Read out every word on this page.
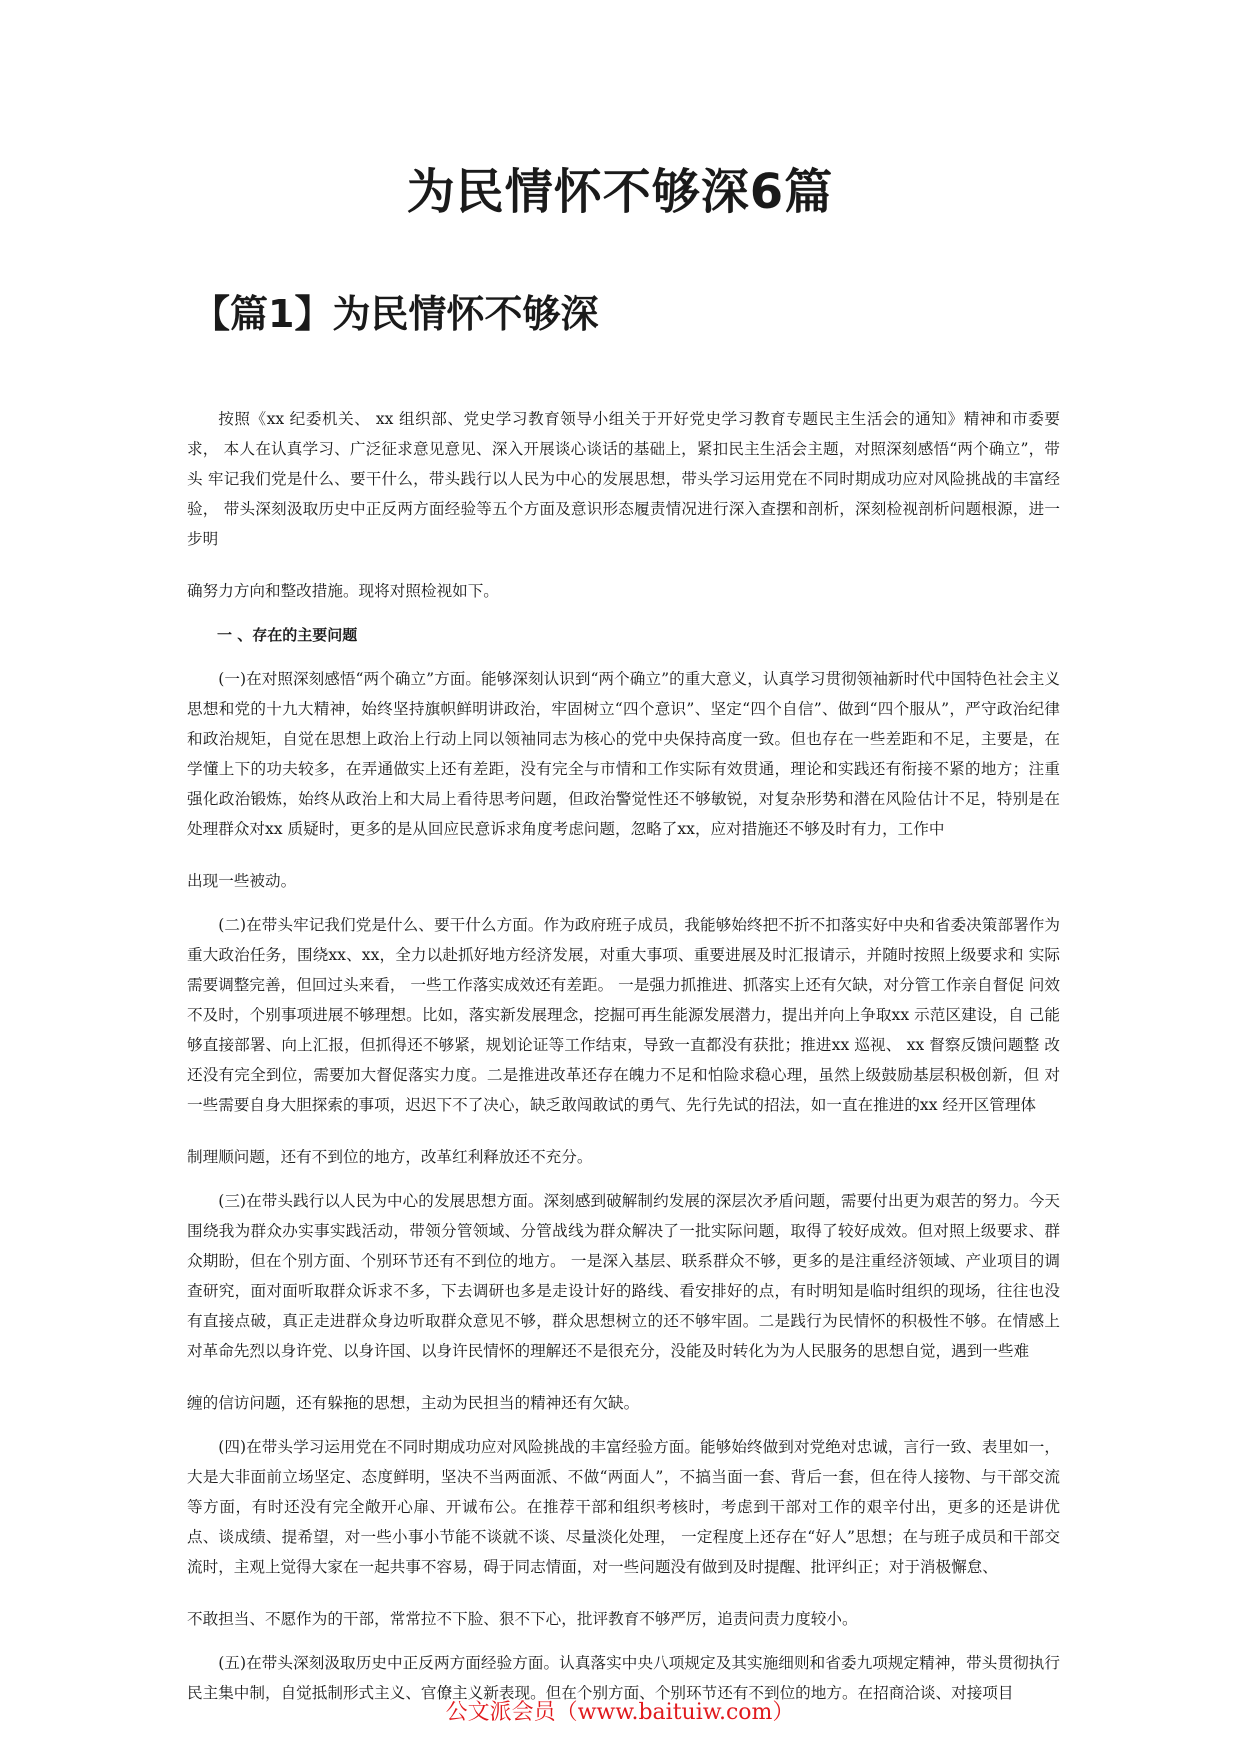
为民情怀不够深6篇
【篇1】为民情怀不够深

按照《xx 纪委机关、 xx 组织部、党史学习教育领导小组关于开好党史学习教育专题民主生活会的通知》精神和市委要求， 本人在认真学习、广泛征求意见意见、深入开展谈心谈话的基础上，紧扣民主生活会主题，对照深刻感悟“两个确立”，带头 牢记我们党是什么、要干什么，带头践行以人民为中心的发展思想，带头学习运用党在不同时期成功应对风险挑战的丰富经验， 带头深刻汲取历史中正反两方面经验等五个方面及意识形态履责情况进行深入查摆和剖析，深刻检视剖析问题根源，进一步明

确努力方向和整改措施。现将对照检视如下。

一 、存在的主要问题

(一)在对照深刻感悟“两个确立”方面。能够深刻认识到“两个确立”的重大意义，认真学习贯彻领袖新时代中国特色社会主义思想和党的十九大精神，始终坚持旗帜鲜明讲政治，牢固树立“四个意识”、坚定“四个自信”、做到“四个服从”，严守政治纪律和政治规矩，自觉在思想上政治上行动上同以领袖同志为核心的党中央保持高度一致。但也存在一些差距和不足，主要是，在学懂上下的功夫较多，在弄通做实上还有差距，没有完全与市情和工作实际有效贯通，理论和实践还有衔接不紧的地方；注重强化政治锻炼，始终从政治上和大局上看待思考问题，但政治警觉性还不够敏锐，对复杂形势和潜在风险估计不足，特别是在处理群众对xx 质疑时，更多的是从回应民意诉求角度考虑问题，忽略了xx，应对措施还不够及时有力，工作中

出现一些被动。

(二)在带头牢记我们党是什么、要干什么方面。作为政府班子成员，我能够始终把不折不扣落实好中央和省委决策部署作为重大政治任务，围绕xx、xx，全力以赴抓好地方经济发展，对重大事项、重要进展及时汇报请示，并随时按照上级要求和 实际需要调整完善，但回过头来看， 一些工作落实成效还有差距。 一是强力抓推进、抓落实上还有欠缺，对分管工作亲自督促 问效不及时，个别事项进展不够理想。比如，落实新发展理念，挖掘可再生能源发展潜力，提出并向上争取xx 示范区建设，自 己能够直接部署、向上汇报，但抓得还不够紧，规划论证等工作结束，导致一直都没有获批；推进xx 巡视、 xx 督察反馈问题整 改还没有完全到位，需要加大督促落实力度。二是推进改革还存在魄力不足和怕险求稳心理，虽然上级鼓励基层积极创新，但 对一些需要自身大胆探索的事项，迟迟下不了决心，缺乏敢闯敢试的勇气、先行先试的招法，如一直在推进的xx 经开区管理体

制理顺问题，还有不到位的地方，改革红利释放还不充分。

(三)在带头践行以人民为中心的发展思想方面。深刻感到破解制约发展的深层次矛盾问题，需要付出更为艰苦的努力。今天围绕我为群众办实事实践活动，带领分管领域、分管战线为群众解决了一批实际问题，取得了较好成效。但对照上级要求、群众期盼，但在个别方面、个别环节还有不到位的地方。 一是深入基层、联系群众不够，更多的是注重经济领域、产业项目的调查研究，面对面听取群众诉求不多，下去调研也多是走设计好的路线、看安排好的点，有时明知是临时组织的现场，往往也没有直接点破，真正走进群众身边听取群众意见不够，群众思想树立的还不够牢固。二是践行为民情怀的积极性不够。在情感上对革命先烈以身许党、以身许国、以身许民情怀的理解还不是很充分，没能及时转化为为人民服务的思想自觉，遇到一些难

缠的信访问题，还有躲拖的思想，主动为民担当的精神还有欠缺。

(四)在带头学习运用党在不同时期成功应对风险挑战的丰富经验方面。能够始终做到对党绝对忠诚，言行一致、表里如一，大是大非面前立场坚定、态度鲜明，坚决不当两面派、不做“两面人”，不搞当面一套、背后一套，但在待人接物、与干部交流等方面，有时还没有完全敞开心扉、开诚布公。在推荐干部和组织考核时，考虑到干部对工作的艰辛付出，更多的还是讲优点、谈成绩、提希望，对一些小事小节能不谈就不谈、尽量淡化处理， 一定程度上还存在“好人”思想；在与班子成员和干部交流时，主观上觉得大家在一起共事不容易，碍于同志情面，对一些问题没有做到及时提醒、批评纠正；对于消极懈怠、

不敢担当、不愿作为的干部，常常拉不下脸、狠不下心，批评教育不够严厉，追责问责力度较小。

(五)在带头深刻汲取历史中正反两方面经验方面。认真落实中央八项规定及其实施细则和省委九项规定精神，带头贯彻执行民主集中制，自觉抵制形式主义、官僚主义新表现。但在个别方面、个别环节还有不到位的地方。在招商洽谈、对接项目

公文派会员（www.baituiw.com）
